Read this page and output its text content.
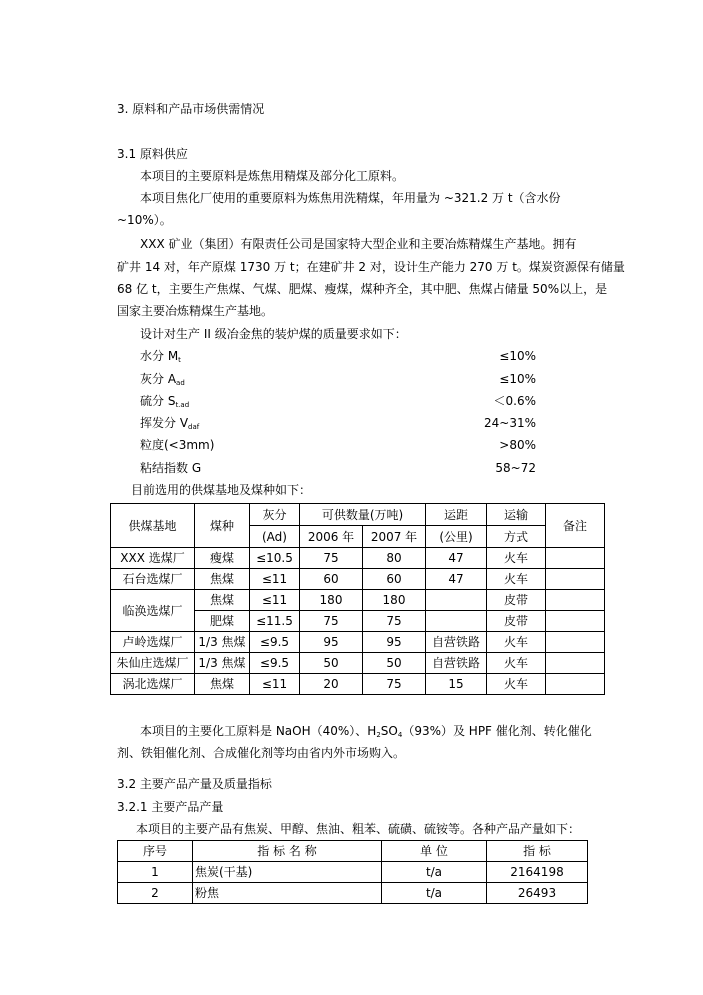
3. 原料和产品市场供需情况
3.1 原料供应
本项目的主要原料是炼焦用精煤及部分化工原料。
本项目焦化厂使用的重要原料为炼焦用洗精煤，年用量为 ~321.2 万 t（含水份
~10%）。
XXX 矿业（集团）有限责任公司是国家特大型企业和主要冶炼精煤生产基地。拥有
矿井 14 对，年产原煤 1730 万 t；在建矿井 2 对，设计生产能力 270 万 t。煤炭资源保有储量
68 亿 t，主要生产焦煤、气煤、肥煤、瘦煤，煤种齐全，其中肥、焦煤占储量 50%以上，是
国家主要冶炼精煤生产基地。
设计对生产 II 级冶金焦的装炉煤的质量要求如下：
水分 $M_t$	≤10%
灰分 $A_{ad}$	≤10%
硫分 $S_{t.ad}$	＜0.6%
挥发分 $V_{daf}$	24~31%
粒度(<3mm)	>80%
粘结指数 G	58~72
目前选用的供煤基地及煤种如下：
供煤基地	煤种	灰分	可供数量(万吨)		运距	运输	备注
		(Ad)	2006 年	2007 年	(公里)	方式	
XXX 选煤厂	瘦煤	≤10.5	75	80	47	火车	
石台选煤厂	焦煤	≤11	60	60	47	火车	
临涣选煤厂	焦煤	≤11	180	180		皮带	
	肥煤	≤11.5	75	75		皮带	
卢岭选煤厂	1/3 焦煤	≤9.5	95	95	自营铁路	火车	
朱仙庄选煤厂	1/3 焦煤	≤9.5	50	50	自营铁路	火车	
涡北选煤厂	焦煤	≤11	20	75	15	火车	
本项目的主要化工原料是 NaOH（40%）、$H_2SO_4(93\%)$及 HPF 催化剂、转化催化
剂、铁钼催化剂、合成催化剂等均由省内外市场购入。
3.2 主要产品产量及质量指标
3.2.1 主要产品产量
本项目的主要产品有焦炭、甲醇、焦油、粗苯、硫磺、硫铵等。各种产品产量如下：
序号	指 标 名 称	单 位	指 标
1	焦炭(干基)	t/a	2164198
2	粉焦	t/a	26493
